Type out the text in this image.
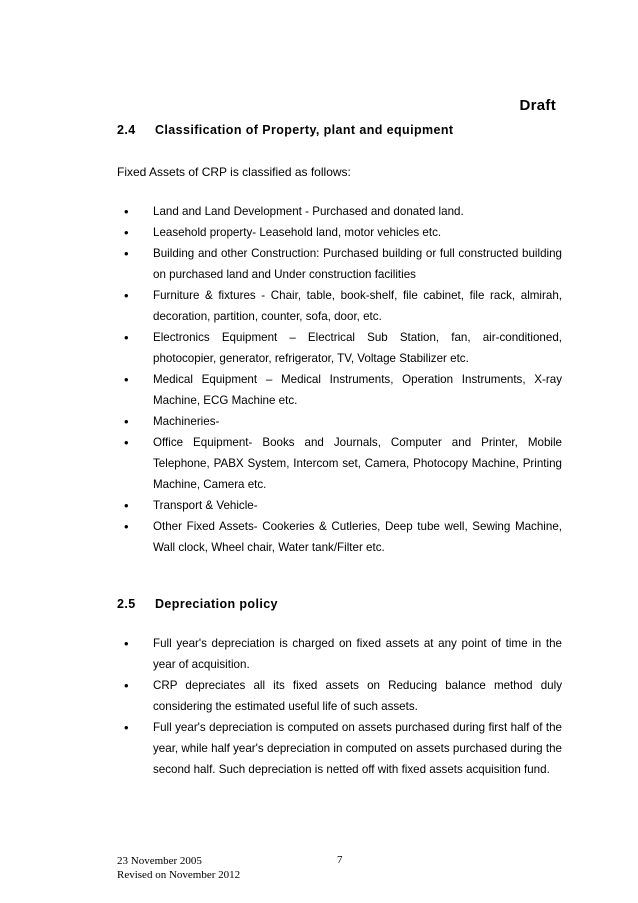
Draft
2.4 Classification of Property, plant and equipment
Fixed Assets of CRP is classified as follows:
• Land and Land Development - Purchased and donated land.
• Leasehold property- Leasehold land, motor vehicles etc.
• Building and other Construction: Purchased building or full constructed building on purchased land and Under construction facilities
• Furniture & fixtures - Chair, table, book-shelf, file cabinet, file rack, almirah, decoration, partition, counter, sofa, door, etc.
• Electronics Equipment – Electrical Sub Station, fan, air-conditioned, photocopier, generator, refrigerator, TV, Voltage Stabilizer etc.
• Medical Equipment – Medical Instruments, Operation Instruments, X-ray Machine, ECG Machine etc.
• Machineries-
• Office Equipment- Books and Journals, Computer and Printer, Mobile Telephone, PABX System, Intercom set, Camera, Photocopy Machine, Printing Machine, Camera etc.
• Transport & Vehicle-
• Other Fixed Assets- Cookeries & Cutleries, Deep tube well, Sewing Machine, Wall clock, Wheel chair, Water tank/Filter etc.
2.5 Depreciation policy
• Full year's depreciation is charged on fixed assets at any point of time in the year of acquisition.
• CRP depreciates all its fixed assets on Reducing balance method duly considering the estimated useful life of such assets.
• Full year's depreciation is computed on assets purchased during first half of the year, while half year's depreciation in computed on assets purchased during the second half. Such depreciation is netted off with fixed assets acquisition fund.
23 November 2005
Revised on November 2012
7
